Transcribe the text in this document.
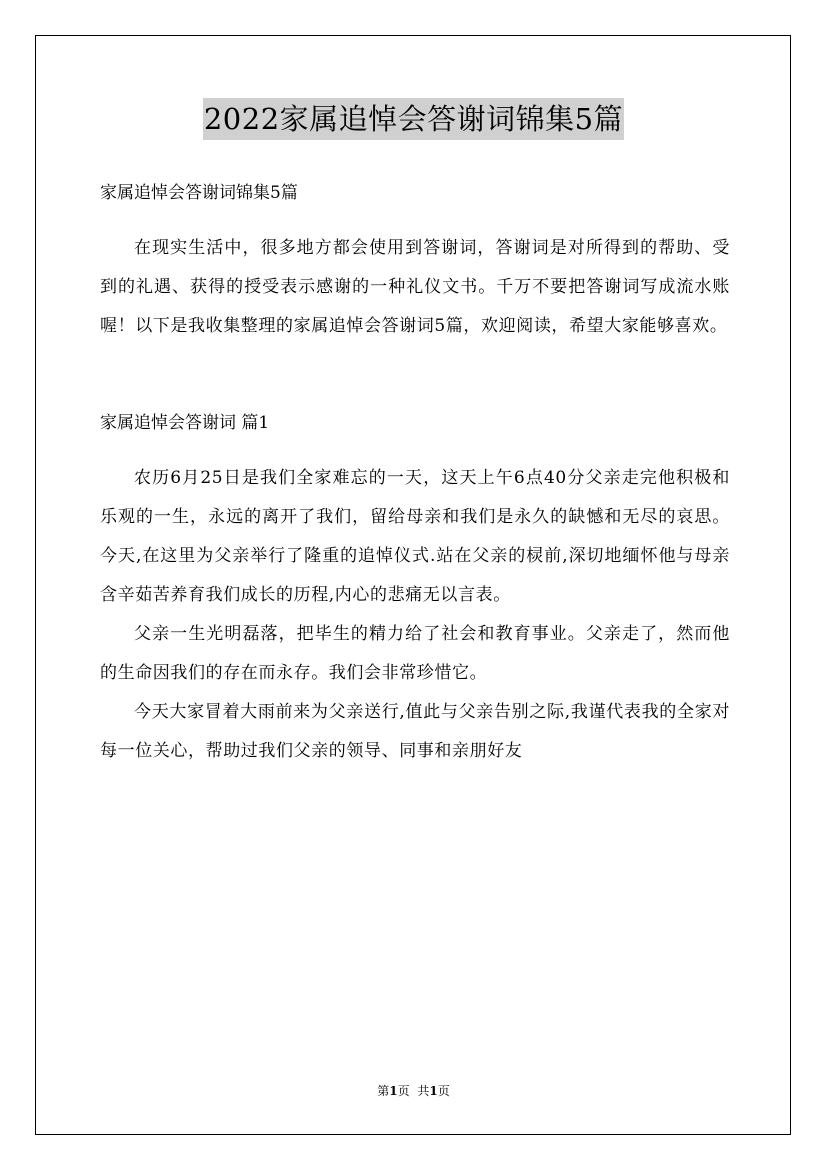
2022家属追悼会答谢词锦集5篇

家属追悼会答谢词锦集5篇

在现实生活中，很多地方都会使用到答谢词，答谢词是对所得到的帮助、受到的礼遇、获得的授受表示感谢的一种礼仪文书。千万不要把答谢词写成流水账喔！以下是我收集整理的家属追悼会答谢词5篇，欢迎阅读，希望大家能够喜欢。

家属追悼会答谢词 篇1

农历6月25日是我们全家难忘的一天，这天上午6点40分父亲走完他积极和乐观的一生，永远的离开了我们，留给母亲和我们是永久的缺憾和无尽的哀思。今天,在这里为父亲举行了隆重的追悼仪式.站在父亲的棂前,深切地缅怀他与母亲含辛茹苦养育我们成长的历程,内心的悲痛无以言表。

父亲一生光明磊落，把毕生的精力给了社会和教育事业。父亲走了，然而他的生命因我们的存在而永存。我们会非常珍惜它。

今天大家冒着大雨前来为父亲送行,值此与父亲告别之际,我谨代表我的全家对每一位关心，帮助过我们父亲的领导、同事和亲朋好友

第1页 共1页
